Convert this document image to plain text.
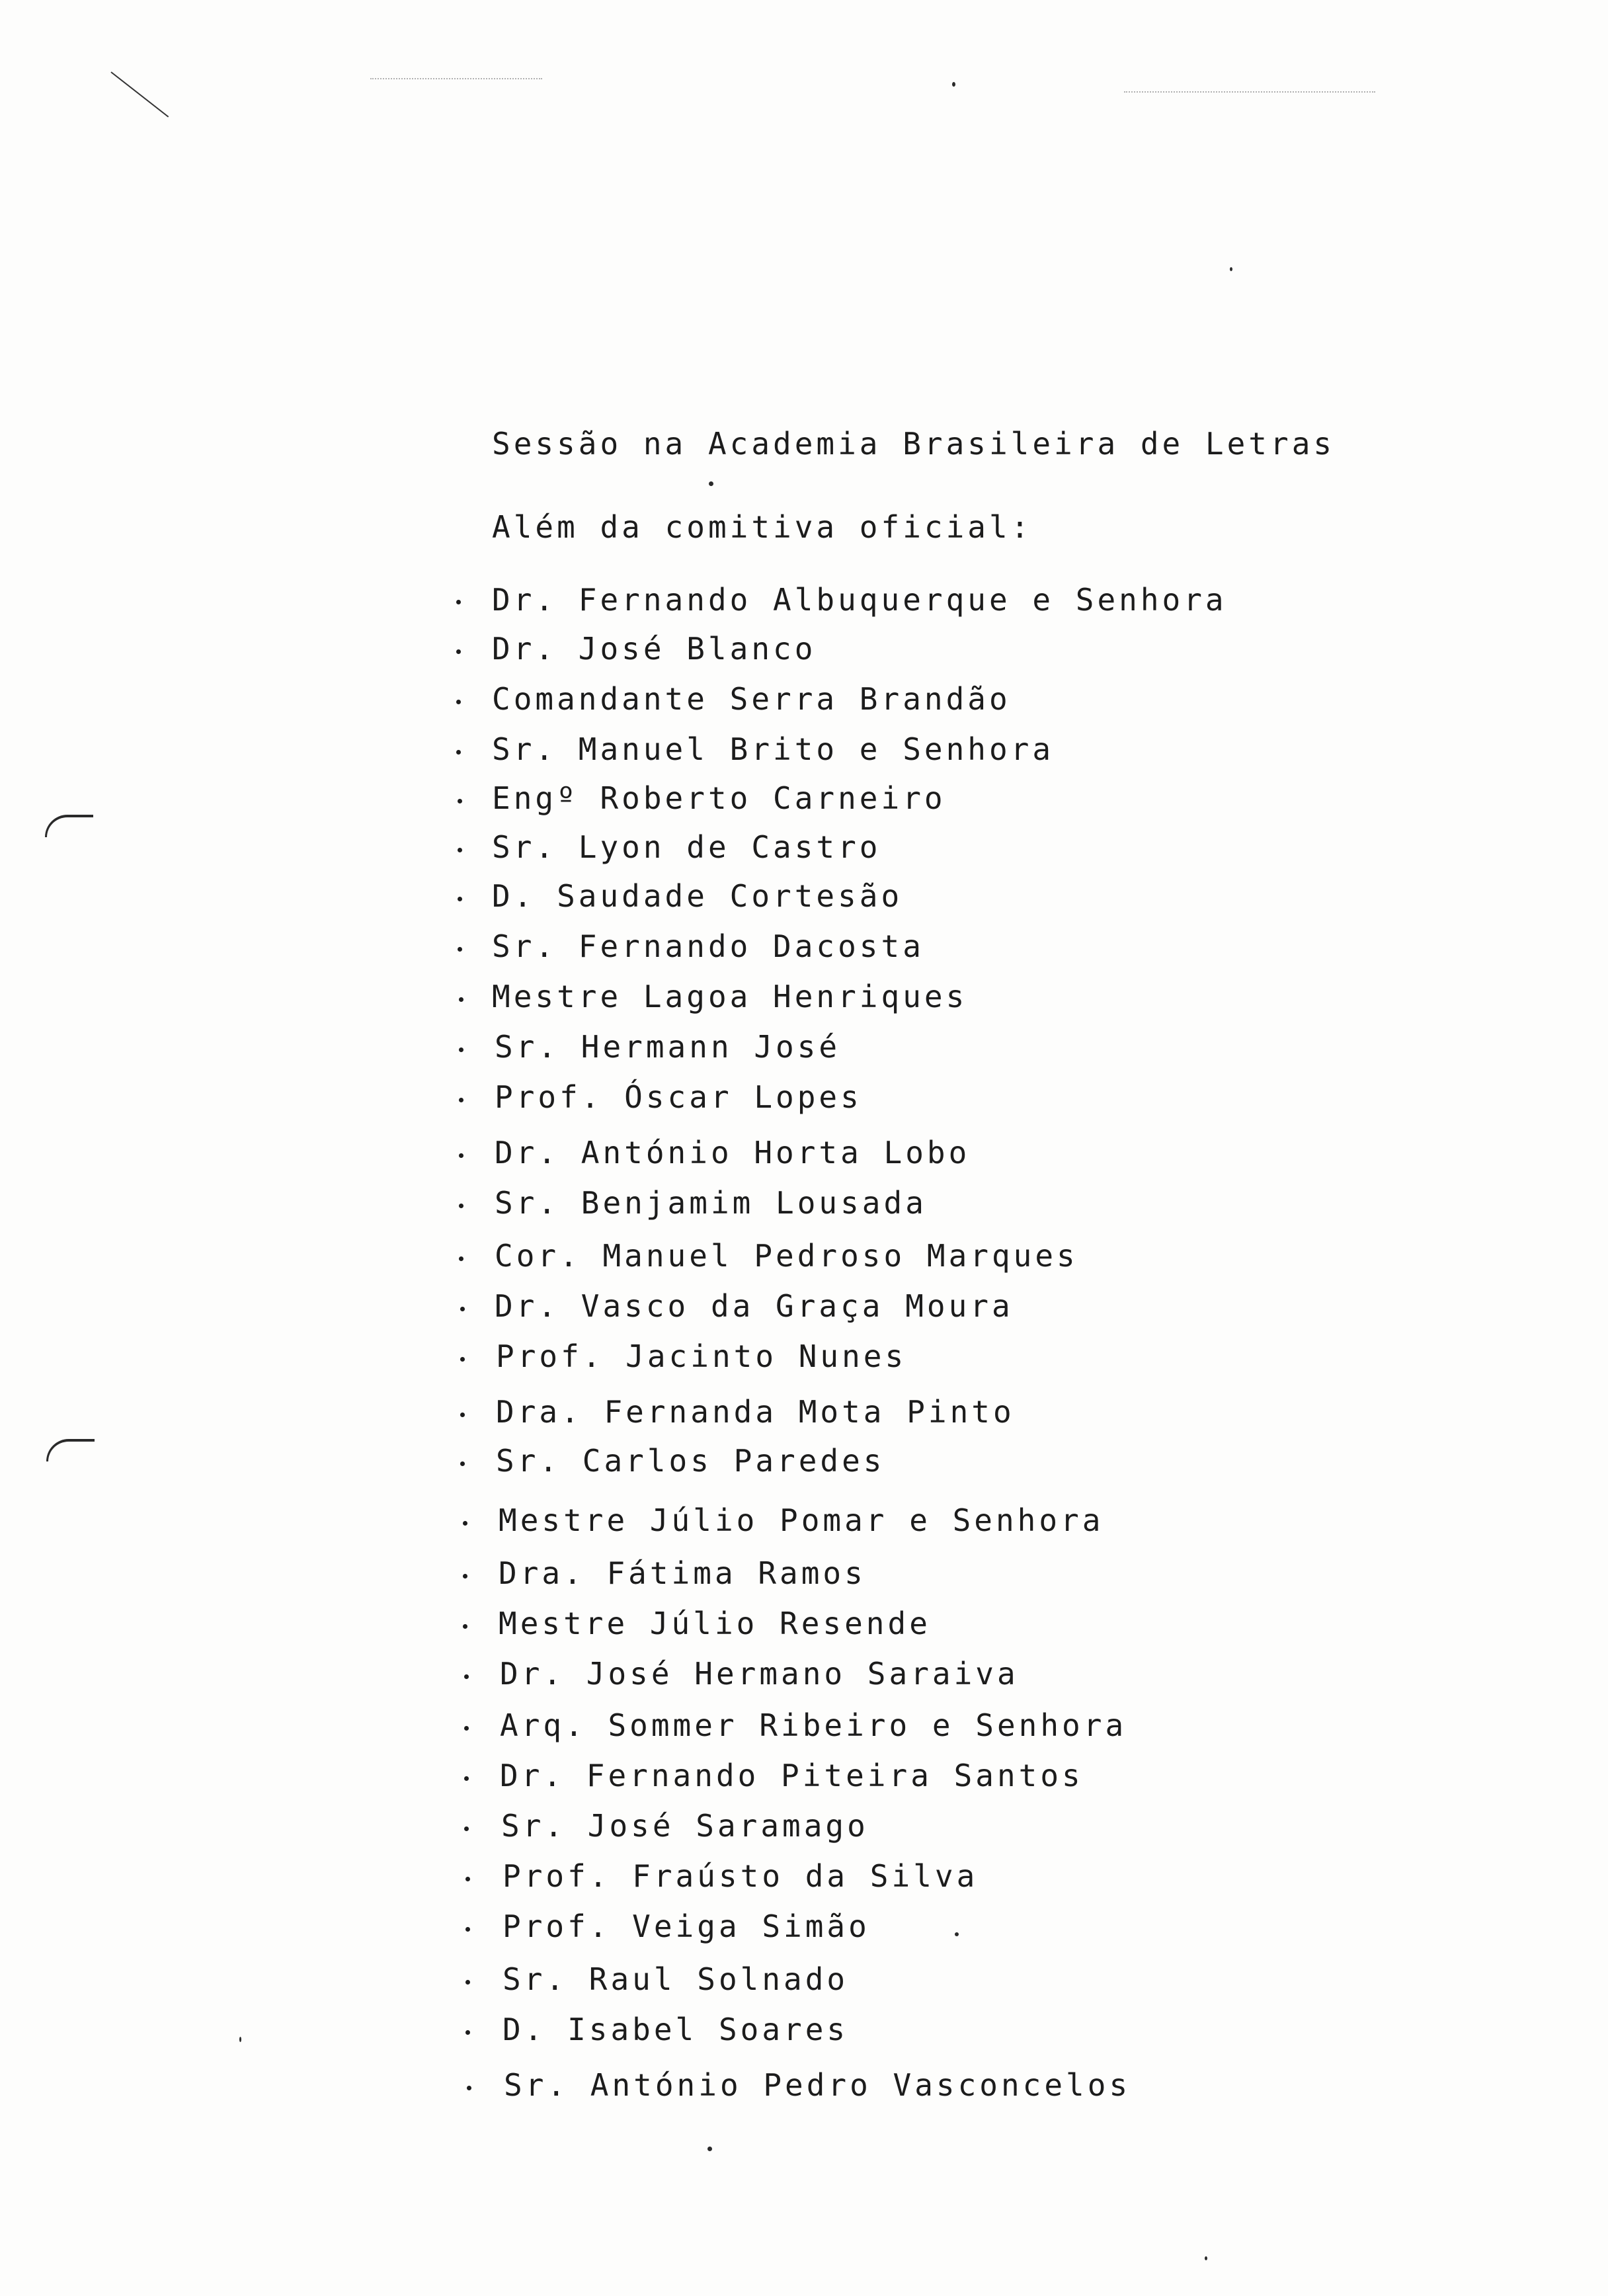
Sessão na Academia Brasileira de Letras
Além da comitiva oficial:
Dr. Fernando Albuquerque e Senhora
Dr. José Blanco
Comandante Serra Brandão
Sr. Manuel Brito e Senhora
Engº Roberto Carneiro
Sr. Lyon de Castro
D. Saudade Cortesão
Sr. Fernando Dacosta
Mestre Lagoa Henriques
Sr. Hermann José
Prof. Óscar Lopes
Dr. António Horta Lobo
Sr. Benjamim Lousada
Cor. Manuel Pedroso Marques
Dr. Vasco da Graça Moura
Prof. Jacinto Nunes
Dra. Fernanda Mota Pinto
Sr. Carlos Paredes
Mestre Júlio Pomar e Senhora
Dra. Fátima Ramos
Mestre Júlio Resende
Dr. José Hermano Saraiva
Arq. Sommer Ribeiro e Senhora
Dr. Fernando Piteira Santos
Sr. José Saramago
Prof. Fraústo da Silva
Prof. Veiga Simão
Sr. Raul Solnado
D. Isabel Soares
Sr. António Pedro Vasconcelos
